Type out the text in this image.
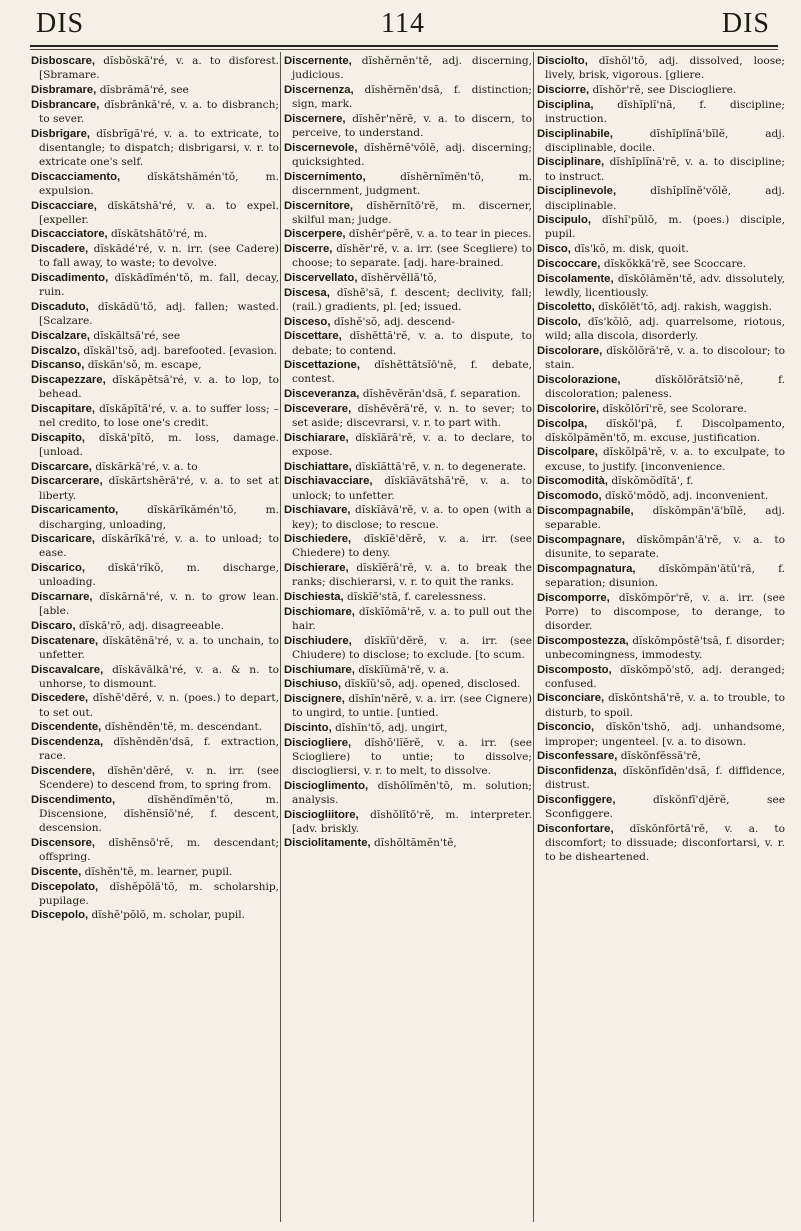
DIS	114	DIS

Disboscare, dĭsbŏskă'ré, v. a. to disforest. [Sbramare.

Disbramare, dĭsbrămă'ré, see

Disbrancare, dĭsbrănkă'ré, v. a. to disbranch; to sever.

Disbrigare, dĭsbrĭgă'ré, v. a. to extricate, to disentangle; to dispatch; disbrigarsi, v. r. to extricate one's self.

Discacciamento,	dĭskătshămén'tŏ, m. expulsion.

Discacciare, dĭskătshă'ré, v. a. to expel. [expeller.

Discacciatore, dĭskătshătō'ré, m.

Discadere, dĭskădé'ré, v. n. irr. (see Cadere) to fall away, to waste; to devolve.

Discadimento, dĭskădĭmén'tŏ, m. fall, decay, ruin.

Discaduto, dĭskădŭ'tŏ, adj. fallen; wasted. [Scalzare.

Discalzare, dĭskăltsă'ré, see

Discalzo, dĭskăl'tsŏ, adj. barefooted. [evasion.

Discanso, dĭskăn'sŏ, m. escape,

Discapezzare, dĭskăpĕtsă'ré, v. a. to lop, to behead.

Discapitare, dĭskăpĭtă'ré, v. a. to suffer loss; – nel credito, to lose one's credit.

Discapito, dĭskă'pĭtŏ, m. loss, damage. [unload.

Discarcare, dĭskărkă'ré, v. a. to

Discarcerare, dĭskărtshĕră'ré, v. a. to set at liberty.

Discaricamento,	dĭskărĭkămén'tŏ, m. discharging, unloading,

Discaricare, dĭskărĭkă'ré, v. a. to unload; to ease.

Discarico, dĭskă'rĭkŏ, m. discharge, unloading.

Discarnare, dĭskărnă'ré, v. n. to grow lean. [able.

Discaro, dĭskă'rŏ, adj. disagreeable.

Discatenare, dĭskătĕnă'ré, v. a. to unchain, to unfetter.

Discavalcare, dĭskăvălkă'ré, v. a. & n. to unhorse, to dismount.

Discedere, dĭshĕ'dĕré, v. n. (poes.) to depart, to set out.

Discendente, dĭshĕndĕn'tĕ, m. descendant.

Discendenza, dĭshĕndĕn'dsă, f. extraction, race.

Discendere, dĭshĕn'dĕré, v. n. irr. (see Scendere) to descend from, to spring from.

Discendimento,	dĭshĕndĭmĕn'tŏ, m. Discensione, dĭshĕnsĭō'né, f. descent, descension.

Discensore, dĭshĕnsō'rĕ, m. descendant; offspring.

Discente, dĭshĕn'tĕ, m. learner, pupil.

Discepolato, dĭshĕpŏlă'tŏ, m. scholarship, pupilage.

Discepolo, dĭshĕ'pŏlŏ, m. scholar, pupil.

Discernente, dĭshĕrnĕn'tĕ, adj. discerning, judicious.

Discernenza, dĭshĕrnĕn'dsă, f. distinction; sign, mark.

Discernere, dĭshĕr'nĕrĕ, v. a. to discern, to perceive, to understand.

Discernevole, dĭshĕrnĕ'vŏlĕ, adj. discerning; quicksighted.

Discernimento,	dĭshĕrnĭmĕn'tŏ, m. discernment, judgment.

Discernitore, dĭshĕrnĭtō'rĕ, m. discerner, skilful man; judge.

Discerpere, dĭshĕr'pĕrĕ, v. a. to tear in pieces.

Discerre, dĭshĕr'rĕ, v. a. irr. (see Scegliere) to choose; to separate. [adj. hare-brained.

Discervellato, dĭshĕrvĕllă'tŏ,

Discesa, dĭshĕ'să, f. descent; declivity, fall; (rail.) gradients, pl. [ed; issued.

Disceso, dĭshĕ'sŏ, adj. descend-

Discettare, dĭshĕttă'rĕ, v. a. to dispute, to debate; to contend.

Discettazione, dĭshĕttătsĭō'nĕ, f. debate, contest.

Disceveranza, dĭshĕvĕrăn'dsă, f. separation.

Disceverare, dĭshĕvĕră'rĕ, v. n. to sever; to set aside; discevrarsi, v. r. to part with.

Dischiarare, dĭskĭără'rĕ, v. a. to declare, to expose.

Dischiattare, dĭskĭăttă'rĕ, v. n. to degenerate.

Dischiavacciare, dĭskĭăvătshă'rĕ, v. a. to unlock; to unfetter.

Dischiavare, dĭskĭăvă'rĕ, v. a. to open (with a key); to disclose; to rescue.

Dischiedere, dĭskĭĕ'dĕrĕ, v. a. irr. (see Chiedere) to deny.

Dischierare, dĭskĭĕră'rĕ, v. a. to break the ranks; dischierarsi, v. r. to quit the ranks.

Dischiesta, dĭskĭĕ'stă, f. carelessness.

Dischiomare, dĭskĭŏmă'rĕ, v. a. to pull out the hair.

Dischiudere, dĭskĭŭ'dĕrĕ, v. a. irr. (see Chiudere) to disclose; to exclude. [to scum.

Dischiumare, dĭskĭŭmă'rĕ, v. a.

Dischiuso, dĭskĭŭ'sŏ, adj. opened, disclosed.

Discignere, dĭshĭn'nĕrĕ, v. a. irr. (see Cignere) to ungird, to untie. [untied.

Discinto, dĭshĭn'tŏ, adj. ungirt,

Disciogliere, dĭshŏ'lĭĕrĕ, v. a. irr. (see Sciogliere) to untie; to dissolve; disciogliersi, v. r. to melt, to dissolve.

Discioglimento, dĭshŏlĭmĕn'tŏ, m. solution; analysis.

Disciogliitore, dĭshŏlĭtō'rĕ, m. interpreter. [adv. briskly.

Disciolitamente, dĭshŏltămĕn'tĕ,

Disciolto, dĭshŏl'tŏ, adj. dissolved, loose; lively, brisk, vigorous. [gliere.

Disciorre, dĭshŏr'rĕ, see Disciogliere.

Disciplina, dĭshĭplĭ'nă, f. discipline; instruction.

Disciplinabile,	dĭshĭplĭnă'bĭlĕ, adj. disciplinable, docile.

Disciplinare, dĭshĭplĭnă'rĕ, v. a. to discipline; to instruct.

Disciplinevole,	dĭshĭplĭnĕ'vŏlĕ, adj. disciplinable.

Discipulo, dĭshĭ'pŭlŏ, m. (poes.) disciple, pupil.

Disco, dĭs'kŏ, m. disk, quoit.

Discoccare, dĭskŏkkă'rĕ, see Scoccare.

Discolamente, dĭskŏlămĕn'tĕ, adv. dissolutely, lewdly, licentiously.

Discoletto, dĭskŏlĕt'tŏ, adj. rakish, waggish.

Discolo, dĭs'kŏlŏ, adj. quarrelsome, riotous, wild; alla discola, disorderly.

Discolorare, dĭskŏlŏră'rĕ, v. a. to discolour; to stain.

Discolorazione,	dĭskŏlŏrătsĭō'nĕ, f. discoloration; paleness.

Discolorire, dĭskŏlŏrĭ'rĕ, see Scolorare.

Discolpa, dĭskŏl'pă, f. Discolpamento, dĭskŏlpămĕn'tŏ, m. excuse, justification.

Discolpare, dĭskŏlpă'rĕ, v. a. to exculpate, to excuse, to justify. [inconvenience.

Discomodità, dĭskŏmŏdĭtă', f.

Discomodo, dĭskŏ'mŏdŏ, adj. inconvenient.

Discompagnabile, dĭskŏmpăn'ă'bĭlĕ, adj. separable.

Discompagnare, dĭskŏmpăn'ă'rĕ, v. a. to disunite, to separate.

Discompagnatura, dĭskŏmpăn'ătŭ'ră, f. separation; disunion.

Discomporre, dĭskŏmpŏr'rĕ, v. a. irr. (see Porre) to discompose, to derange, to disorder.

Discompostezza, dĭskŏmpŏstĕ'tsă, f. disorder; unbecomingness, immodesty.

Discomposto, dĭskŏmpŏ'stŏ, adj. deranged; confused.

Disconciare, dĭskŏntshă'rĕ, v. a. to trouble, to disturb, to spoil.

Disconcio, dĭskŏn'tshŏ, adj. unhandsome, improper; ungenteel. [v. a. to disown.

Disconfessare, dĭskŏnfĕssă'rĕ,

Disconfidenza, dĭskŏnfĭdĕn'dsă, f. diffidence, distrust.

Disconfiggere,	dĭskŏnfĭ'djĕrĕ, see Sconfiggere.

Disconfortare, dĭskŏnfŏrtă'rĕ, v. a. to discomfort; to dissuade; disconfortarsi, v. r. to be disheartened.
